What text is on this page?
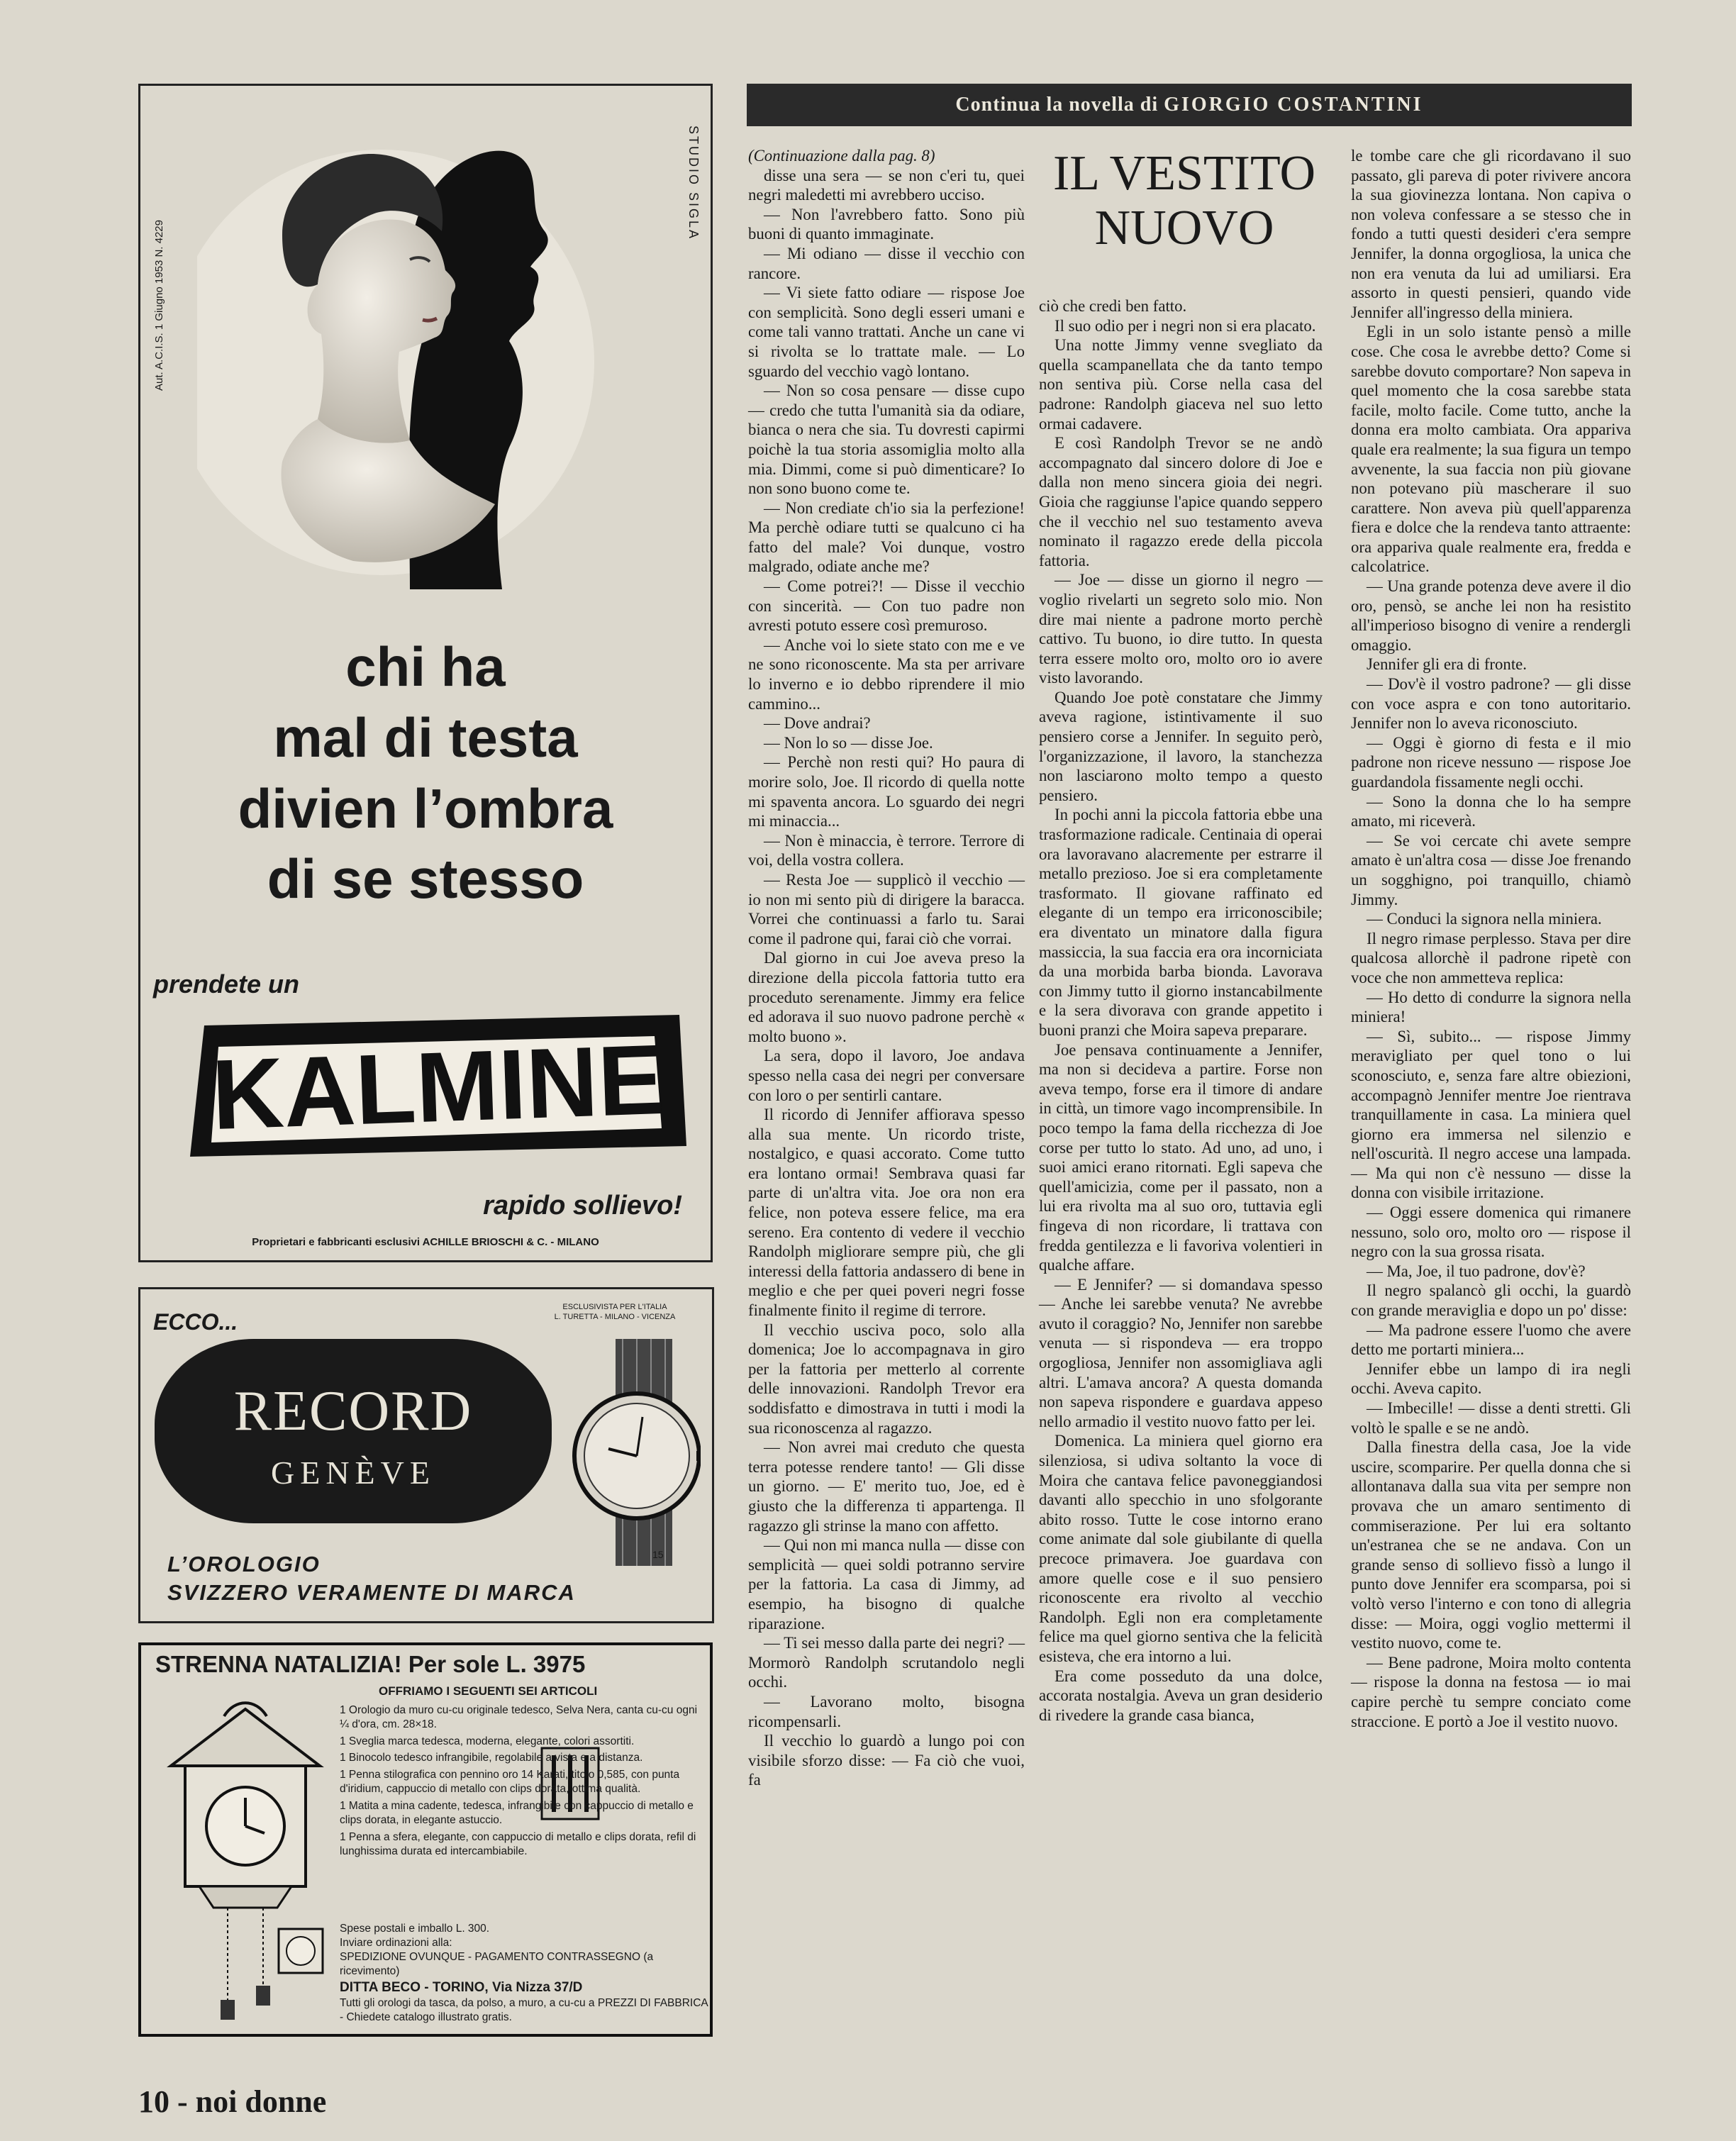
Aut. A.C.I.S. 1 Giugno 1953 N. 4229
STUDIO SIGLA
chi ha
mal di testa
divien l’ombra
di se stesso
prendete un
KALMINE
rapido sollievo!
Proprietari e fabbricanti esclusivi ACHILLE BRIOSCHI & C. - MILANO
ECCO...
ESCLUSIVISTA PER L'ITALIA
L. TURETTA - MILANO - VICENZA
RECORD
GENÈVE
L’OROLOGIO
SVIZZERO VERAMENTE DI MARCA
15
STRENNA NATALIZIA! Per sole L. 3975
OFFRIAMO I SEGUENTI SEI ARTICOLI
1 Orologio da muro cu-cu originale tedesco, Selva Nera, canta cu-cu ogni ¼ d'ora, cm. 28×18.
1 Sveglia marca tedesca, moderna, elegante, colori assortiti.
1 Binocolo tedesco infrangibile, regolabile a vista e a distanza.
1 Penna stilografica con pennino oro 14 Karati, titolo 0,585, con punta d'iridium, cappuccio di metallo con clips dorata, ottima qualità.
1 Matita a mina cadente, tedesca, infrangibile con cappuccio di metallo e clips dorata, in elegante astuccio.
1 Penna a sfera, elegante, con cappuccio di metallo e clips dorata, refil di lunghissima durata ed intercambiabile.
Spese postali e imballo L. 300.
Inviare ordinazioni alla:
SPEDIZIONE OVUNQUE - PAGAMENTO CONTRASSEGNO (a ricevimento)
DITTA BECO - TORINO, Via Nizza 37/D
Tutti gli orologi da tasca, da polso, a muro, a cu-cu a PREZZI DI FABBRICA - Chiedete catalogo illustrato gratis.
10 - noi donne
Continua la novella di GIORGIO COSTANTINI
IL VESTITO
NUOVO

(Continuazione dalla pag. 8)

disse una sera — se non c'eri tu, quei negri maledetti mi avrebbero ucciso.

— Non l'avrebbero fatto. Sono più buoni di quanto immaginate.

— Mi odiano — disse il vecchio con rancore.

— Vi siete fatto odiare — rispose Joe con semplicità. Sono degli esseri umani e come tali vanno trattati. Anche un cane vi si rivolta se lo trattate male. — Lo sguardo del vecchio vagò lontano.

— Non so cosa pensare — disse cupo — credo che tutta l'umanità sia da odiare, bianca o nera che sia. Tu dovresti capirmi poichè la tua storia assomiglia molto alla mia. Dimmi, come si può dimenticare? Io non sono buono come te.

— Non crediate ch'io sia la perfezione! Ma perchè odiare tutti se qualcuno ci ha fatto del male? Voi dunque, vostro malgrado, odiate anche me?

— Come potrei?! — Disse il vecchio con sincerità. — Con tuo padre non avresti potuto essere così premuroso.

— Anche voi lo siete stato con me e ve ne sono riconoscente. Ma sta per arrivare lo inverno e io debbo riprendere il mio cammino...

— Dove andrai?

— Non lo so — disse Joe.

— Perchè non resti qui? Ho paura di morire solo, Joe. Il ricordo di quella notte mi spaventa ancora. Lo sguardo dei negri mi minaccia...

— Non è minaccia, è terrore. Terrore di voi, della vostra collera.

— Resta Joe — supplicò il vecchio — io non mi sento più di dirigere la baracca. Vorrei che continuassi a farlo tu. Sarai come il padrone qui, farai ciò che vorrai.

Dal giorno in cui Joe aveva preso la direzione della piccola fattoria tutto era proceduto serenamente. Jimmy era felice ed adorava il suo nuovo padrone perchè « molto buono ».

La sera, dopo il lavoro, Joe andava spesso nella casa dei negri per conversare con loro o per sentirli cantare.

Il ricordo di Jennifer affiorava spesso alla sua mente. Un ricordo triste, nostalgico, e quasi accorato. Come tutto era lontano ormai! Sembrava quasi far parte di un'altra vita. Joe ora non era felice, non poteva essere felice, ma era sereno. Era contento di vedere il vecchio Randolph migliorare sempre più, che gli interessi della fattoria andassero di bene in meglio e che per quei poveri negri fosse finalmente finito il regime di terrore.

Il vecchio usciva poco, solo alla domenica; Joe lo accompagnava in giro per la fattoria per metterlo al corrente delle innovazioni. Randolph Trevor era soddisfatto e dimostrava in tutti i modi la sua riconoscenza al ragazzo.

— Non avrei mai creduto che questa terra potesse rendere tanto! — Gli disse un giorno. — E' merito tuo, Joe, ed è giusto che la differenza ti appartenga. Il ragazzo gli strinse la mano con affetto.

— Qui non mi manca nulla — disse con semplicità — quei soldi potranno servire per la fattoria. La casa di Jimmy, ad esempio, ha bisogno di qualche riparazione.

— Ti sei messo dalla parte dei negri? — Mormorò Randolph scrutandolo negli occhi.

— Lavorano molto, bisogna ricompensarli.

Il vecchio lo guardò a lungo poi con visibile sforzo disse: — Fa ciò che vuoi, fa

ciò che credi ben fatto.

Il suo odio per i negri non si era placato.

Una notte Jimmy venne svegliato da quella scampanellata che da tanto tempo non sentiva più. Corse nella casa del padrone: Randolph giaceva nel suo letto ormai cadavere.

E così Randolph Trevor se ne andò accompagnato dal sincero dolore di Joe e dalla non meno sincera gioia dei negri. Gioia che raggiunse l'apice quando seppero che il vecchio nel suo testamento aveva nominato il ragazzo erede della piccola fattoria.

— Joe — disse un giorno il negro — voglio rivelarti un segreto solo mio. Non dire mai niente a padrone morto perchè cattivo. Tu buono, io dire tutto. In questa terra essere molto oro, molto oro io avere visto lavorando.

Quando Joe potè constatare che Jimmy aveva ragione, istintivamente il suo pensiero corse a Jennifer. In seguito però, l'organizzazione, il lavoro, la stanchezza non lasciarono molto tempo a questo pensiero.

In pochi anni la piccola fattoria ebbe una trasformazione radicale. Centinaia di operai ora lavoravano alacremente per estrarre il metallo prezioso. Joe si era completamente trasformato. Il giovane raffinato ed elegante di un tempo era irriconoscibile; era diventato un minatore dalla figura massiccia, la sua faccia era ora incorniciata da una morbida barba bionda. Lavorava con Jimmy tutto il giorno instancabilmente e la sera divorava con grande appetito i buoni pranzi che Moira sapeva preparare.

Joe pensava continuamente a Jennifer, ma non si decideva a partire. Forse non aveva tempo, forse era il timore di andare in città, un timore vago incomprensibile. In poco tempo la fama della ricchezza di Joe corse per tutto lo stato. Ad uno, ad uno, i suoi amici erano ritornati. Egli sapeva che quell'amicizia, come per il passato, non a lui era rivolta ma al suo oro, tuttavia egli fingeva di non ricordare, li trattava con fredda gentilezza e li favoriva volentieri in qualche affare.

— E Jennifer? — si domandava spesso — Anche lei sarebbe venuta? Ne avrebbe avuto il coraggio? No, Jennifer non sarebbe venuta — si rispondeva — era troppo orgogliosa, Jennifer non assomigliava agli altri. L'amava ancora? A questa domanda non sapeva rispondere e guardava appeso nello armadio il vestito nuovo fatto per lei.

Domenica. La miniera quel giorno era silenziosa, si udiva soltanto la voce di Moira che cantava felice pavoneggiandosi davanti allo specchio in uno sfolgorante abito rosso. Tutte le cose intorno erano come animate dal sole giubilante di quella precoce primavera. Joe guardava con amore quelle cose e il suo pensiero riconoscente era rivolto al vecchio Randolph. Egli non era completamente felice ma quel giorno sentiva che la felicità esisteva, che era intorno a lui.

Era come posseduto da una dolce, accorata nostalgia. Aveva un gran desiderio di rivedere la grande casa bianca,

le tombe care che gli ricordavano il suo passato, gli pareva di poter rivivere ancora la sua giovinezza lontana. Non capiva o non voleva confessare a se stesso che in fondo a tutti questi desideri c'era sempre Jennifer, la donna orgogliosa, la unica che non era venuta da lui ad umiliarsi. Era assorto in questi pensieri, quando vide Jennifer all'ingresso della miniera.

Egli in un solo istante pensò a mille cose. Che cosa le avrebbe detto? Come si sarebbe dovuto comportare? Non sapeva in quel momento che la cosa sarebbe stata facile, molto facile. Come tutto, anche la donna era molto cambiata. Ora appariva quale era realmente; la sua figura un tempo avvenente, la sua faccia non più giovane non potevano più mascherare il suo carattere. Non aveva più quell'apparenza fiera e dolce che la rendeva tanto attraente: ora appariva quale realmente era, fredda e calcolatrice.

— Una grande potenza deve avere il dio oro, pensò, se anche lei non ha resistito all'imperioso bisogno di venire a rendergli omaggio.

Jennifer gli era di fronte.

— Dov'è il vostro padrone? — gli disse con voce aspra e con tono autoritario. Jennifer non lo aveva riconosciuto.

— Oggi è giorno di festa e il mio padrone non riceve nessuno — rispose Joe guardandola fissamente negli occhi.

— Sono la donna che lo ha sempre amato, mi riceverà.

— Se voi cercate chi avete sempre amato è un'altra cosa — disse Joe frenando un sogghigno, poi tranquillo, chiamò Jimmy.

— Conduci la signora nella miniera.

Il negro rimase perplesso. Stava per dire qualcosa allorchè il padrone ripetè con voce che non ammetteva replica:

— Ho detto di condurre la signora nella miniera!

— Sì, subito... — rispose Jimmy meravigliato per quel tono o lui sconosciuto, e, senza fare altre obiezioni, accompagnò Jennifer mentre Joe rientrava tranquillamente in casa. La miniera quel giorno era immersa nel silenzio e nell'oscurità. Il negro accese una lampada. — Ma qui non c'è nessuno — disse la donna con visibile irritazione.

— Oggi essere domenica qui rimanere nessuno, solo oro, molto oro — rispose il negro con la sua grossa risata.

— Ma, Joe, il tuo padrone, dov'è?

Il negro spalancò gli occhi, la guardò con grande meraviglia e dopo un po' disse:

— Ma padrone essere l'uomo che avere detto me portarti miniera...

Jennifer ebbe un lampo di ira negli occhi. Aveva capito.

— Imbecille! — disse a denti stretti. Gli voltò le spalle e se ne andò.

Dalla finestra della casa, Joe la vide uscire, scomparire. Per quella donna che si allontanava dalla sua vita per sempre non provava che un amaro sentimento di commiserazione. Per lui era soltanto un'estranea che se ne andava. Con un grande senso di sollievo fissò a lungo il punto dove Jennifer era scomparsa, poi si voltò verso l'interno e con tono di allegria disse: — Moira, oggi voglio mettermi il vestito nuovo, come te.

— Bene padrone, Moira molto contenta — rispose la donna na festosa — io mai capire perchè tu sempre conciato come straccione. E portò a Joe il vestito nuovo.
